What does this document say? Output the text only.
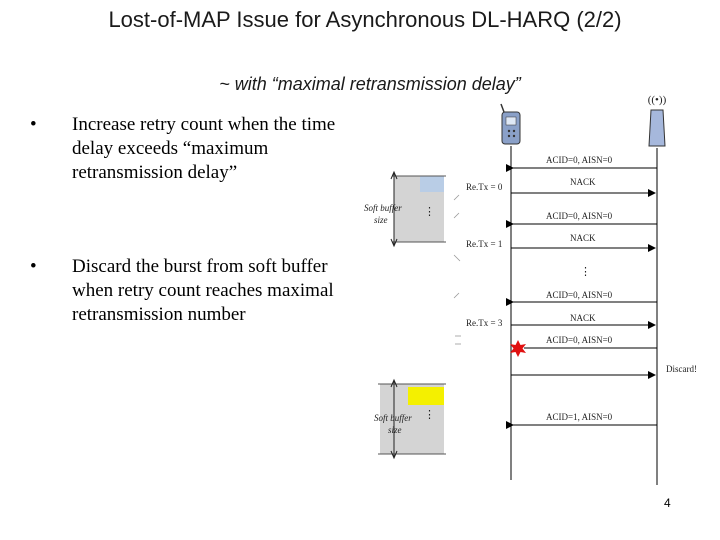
Lost-of-MAP Issue for Asynchronous DL-HARQ (2/2)
~ with “maximal retransmission delay”
• Increase retry count when the time delay exceeds “maximum retransmission delay”
• Discard the burst from soft buffer when retry count reaches maximal retransmission number
((•))
⋮
Soft buffer
size
⋮
Soft buffer
size
Re.Tx = 0
Re.Tx = 1
Re.Tx = 3
ACID=0, AISN=0
NACK
ACID=0, AISN=0
NACK
⋮
ACID=0, AISN=0
NACK
ACID=0, AISN=0
Discard!
ACID=1, AISN=0
4
